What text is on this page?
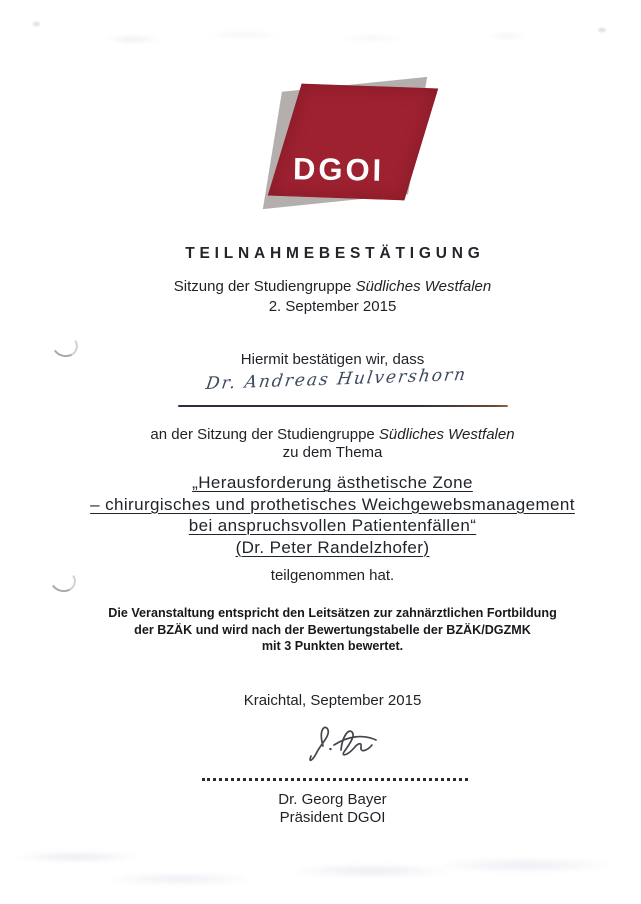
DGOI
TEILNAHMEBESTÄTIGUNG
Sitzung der Studiengruppe Südliches Westfalen
2. September 2015
Hiermit bestätigen wir, dass
Dr. Andreas Hulvershorn
an der Sitzung der Studiengruppe Südliches Westfalen
zu dem Thema
„Herausforderung ästhetische Zone
– chirurgisches und prothetisches Weichgewebsmanagement
bei anspruchsvollen Patientenfällen“
(Dr. Peter Randelzhofer)
teilgenommen hat.
Die Veranstaltung entspricht den Leitsätzen zur zahnärztlichen Fortbildung
der BZÄK und wird nach der Bewertungstabelle der BZÄK/DGZMK
mit 3 Punkten bewertet.
Kraichtal, September 2015
Dr. Georg Bayer
Präsident DGOI
